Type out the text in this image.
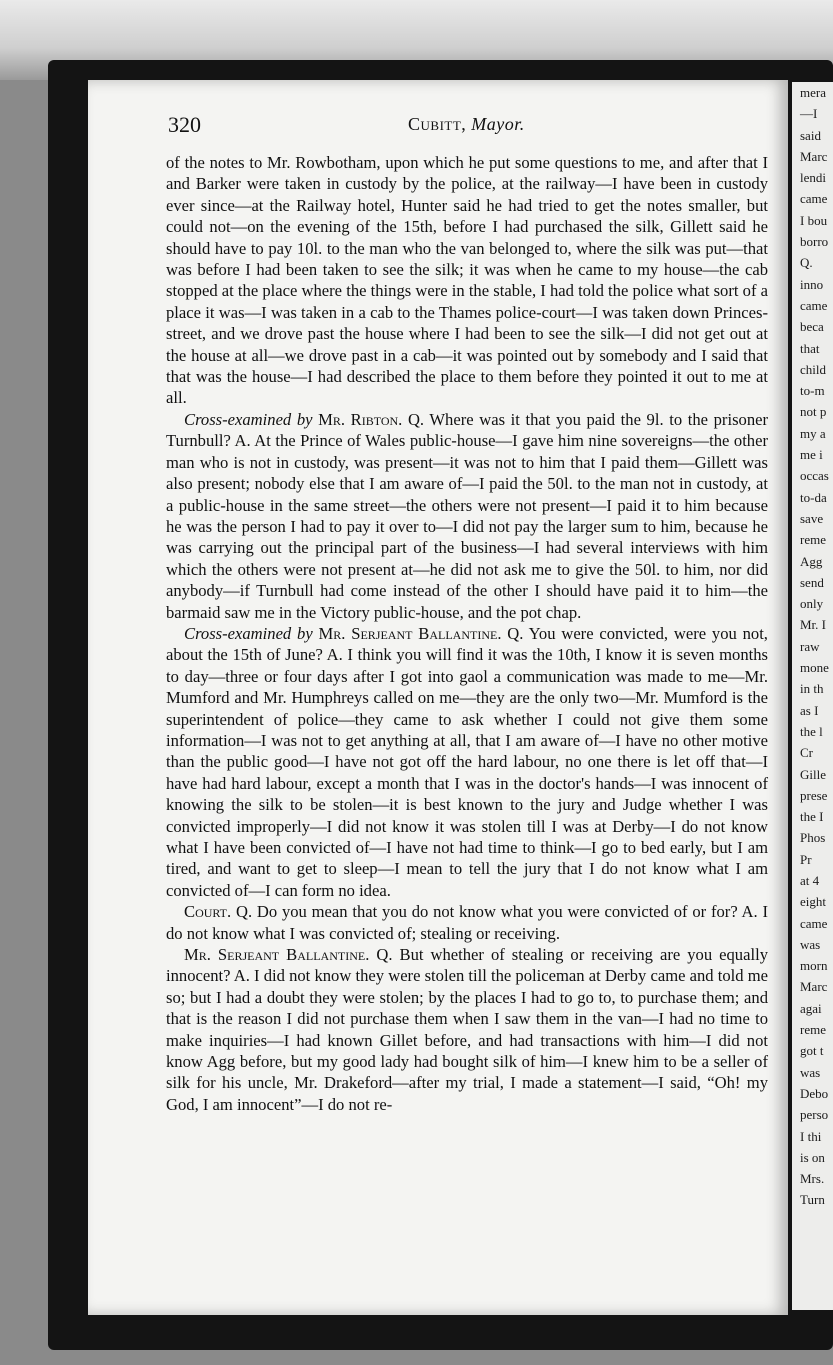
mera
—I
said
Marc
lendi
came
I bou
borro
Q.
inno
came
beca
that
child
to-m
not p
my a
me i
occas
to-da
save
reme
Agg
send
only
Mr. I
raw
mone
in th
as I
the l
Cr
Gille
prese
the I
Phos
Pr
at 4
eight
came
was
morn
Marc
agai
reme
got t
was
Debo
perso
I thi
is on
Mrs.
Turn
320	Cubitt, Mayor.

of the notes to Mr. Rowbotham, upon which he put some questions to me, and after that I and Barker were taken in custody by the police, at the railway—I have been in custody ever since—at the Railway hotel, Hunter said he had tried to get the notes smaller, but could not—on the evening of the 15th, before I had purchased the silk, Gillett said he should have to pay 10l. to the man who the van belonged to, where the silk was put—that was before I had been taken to see the silk; it was when he came to my house—the cab stopped at the place where the things were in the stable, I had told the police what sort of a place it was—I was taken in a cab to the Thames police-court—I was taken down Princes-street, and we drove past the house where I had been to see the silk—I did not get out at the house at all—we drove past in a cab—it was pointed out by somebody and I said that that was the house—I had described the place to them before they pointed it out to me at all.

Cross-examined by Mr. Ribton. Q. Where was it that you paid the 9l. to the prisoner Turnbull? A. At the Prince of Wales public-house—I gave him nine sovereigns—the other man who is not in custody, was present—it was not to him that I paid them—Gillett was also present; nobody else that I am aware of—I paid the 50l. to the man not in custody, at a public-house in the same street—the others were not present—I paid it to him because he was the person I had to pay it over to—I did not pay the larger sum to him, because he was carrying out the principal part of the business—I had several interviews with him which the others were not present at—he did not ask me to give the 50l. to him, nor did anybody—if Turnbull had come instead of the other I should have paid it to him—the barmaid saw me in the Victory public-house, and the pot chap.

Cross-examined by Mr. Serjeant Ballantine. Q. You were convicted, were you not, about the 15th of June? A. I think you will find it was the 10th, I know it is seven months to day—three or four days after I got into gaol a communication was made to me—Mr. Mumford and Mr. Humphreys called on me—they are the only two—Mr. Mumford is the superintendent of police—they came to ask whether I could not give them some information—I was not to get anything at all, that I am aware of—I have no other motive than the public good—I have not got off the hard labour, no one there is let off that—I have had hard labour, except a month that I was in the doctor's hands—I was innocent of knowing the silk to be stolen—it is best known to the jury and Judge whether I was convicted improperly—I did not know it was stolen till I was at Derby—I do not know what I have been convicted of—I have not had time to think—I go to bed early, but I am tired, and want to get to sleep—I mean to tell the jury that I do not know what I am convicted of—I can form no idea.

Court. Q. Do you mean that you do not know what you were convicted of or for? A. I do not know what I was convicted of; stealing or receiving.

Mr. Serjeant Ballantine. Q. But whether of stealing or receiving are you equally innocent? A. I did not know they were stolen till the policeman at Derby came and told me so; but I had a doubt they were stolen; by the places I had to go to, to purchase them; and that is the reason I did not purchase them when I saw them in the van—I had no time to make inquiries—I had known Gillet before, and had transactions with him—I did not know Agg before, but my good lady had bought silk of him—I knew him to be a seller of silk for his uncle, Mr. Drakeford—after my trial, I made a statement—I said, “Oh! my God, I am innocent”—I do not re-
